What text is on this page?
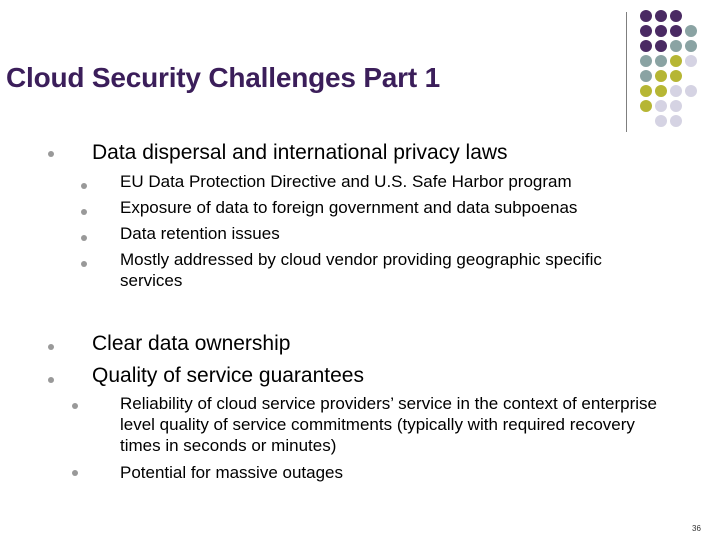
Cloud Security Challenges Part 1
Data dispersal and international privacy laws
EU Data Protection Directive and U.S. Safe Harbor program
Exposure of data to foreign government and data subpoenas
Data retention issues
Mostly addressed by cloud vendor providing geographic specific services
Clear data ownership
Quality of service guarantees
Reliability of cloud service providers’ service in the context of enterprise level quality of service commitments (typically with required recovery times in seconds or minutes)
Potential for massive outages
36
